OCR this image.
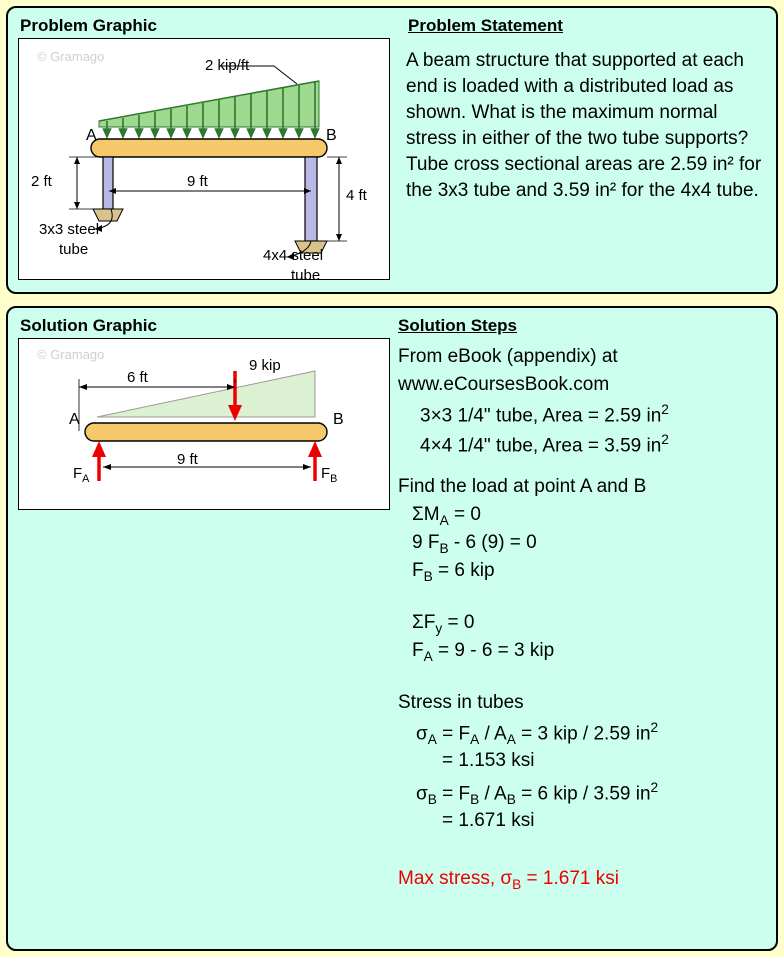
Problem Graphic	Problem Statement
© Gramago
2 kip/ft
A	B
2 ft	9 ft
4 ft
3x3 steel
tube	4x4 steel
tube
A beam structure that supported at each end is loaded with a distributed load as shown. What is the maximum normal stress in either of the two tube supports? Tube cross sectional areas are 2.59 in² for the 3x3 tube and 3.59 in² for the 4x4 tube.
Solution Graphic	Solution Steps
© Gramago
9 kip
6 ft
9 ft
A	B
$F_A$	$F_B$
From eBook (appendix) at
www.eCoursesBook.com
3×3 1/4" tube, Area = 2.59 $in^2$
4×4 1/4" tube, Area = 3.59 $in^2$
Find the load at point A and B
$\Sigma M_A = 0$
9 $F_B - 6$ (9) = 0
$F_B = 6$ kip
$\Sigma F_y = 0$
$F_A = 9 - 6 = 3$ kip
Stress in tubes
$\sigma_A = F_A / A_A = 3$ kip / 2.59 $in^2$
= 1.153 ksi
$\sigma_B = F_B / A_B = 6$ kip / 3.59 $in^2$
= 1.671 ksi
Max stress, $\sigma_B = 1.671$ ksi
